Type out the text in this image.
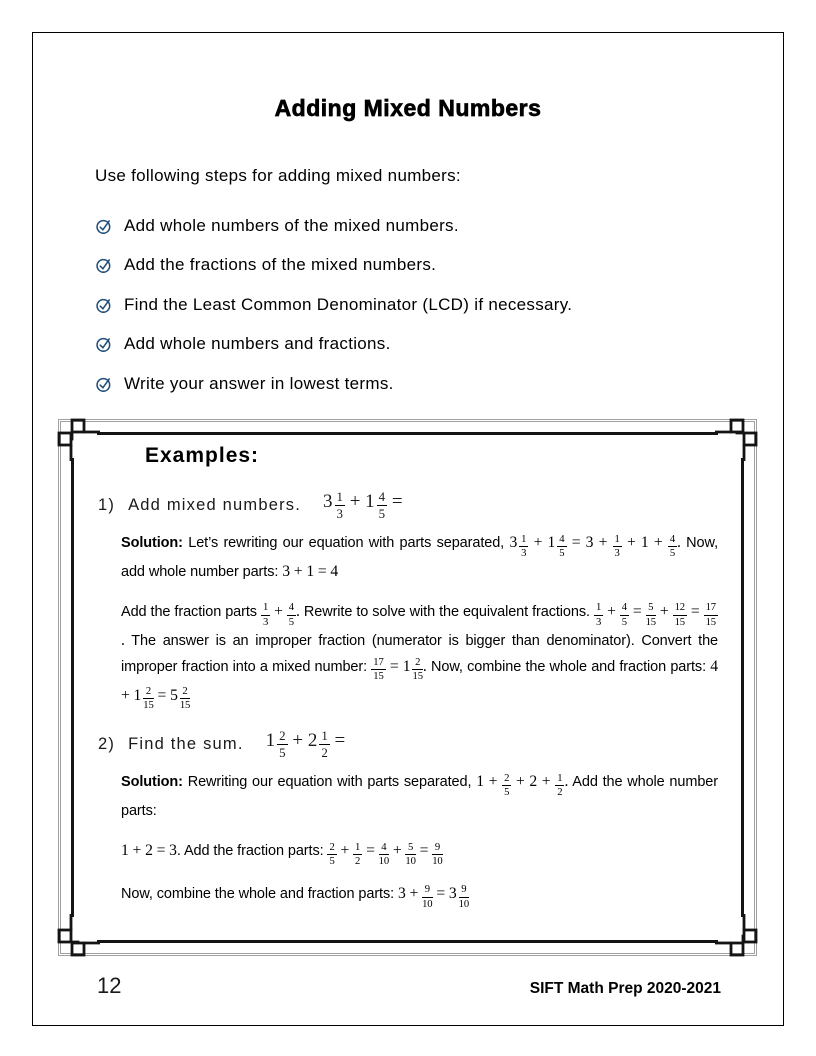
Adding Mixed Numbers

Use following steps for adding mixed numbers:

Add whole numbers of the mixed numbers.
Add the fractions of the mixed numbers.
Find the Least Common Denominator (LCD) if necessary.
Add whole numbers and fractions.
Write your answer in lowest terms.
Examples:
1) Add mixed numbers. $3 \frac{1}{3} + 1 \frac{4}{5}$ =

Solution: Let’s rewriting our equation with parts separated, $3 \frac{1}{3} + 1 \frac{4}{5} = 3 + \frac{1}{3} + 1 + \frac{4}{5}$ . Now, add whole number parts: 3 + 1 = 4

Add the fraction parts $\frac{1}{3} + \frac{4}{5}$ . Rewrite to solve with the equivalent fractions. $\frac{1}{3} + \frac{4}{5} = \frac{5}{15} + \frac{12}{15} = \frac{17}{15}$
. The answer is an improper fraction (numerator is bigger than denominator). Convert the improper fraction into a mixed number: $\frac{17}{15} = 1 \frac{2}{15}$ . Now, combine the whole and fraction parts: $4 + 1 \frac{2}{15} = 5 \frac{2}{15}$

2) Find the sum. $1 \frac{2}{5} + 2 \frac{1}{2}$ =

Solution: Rewriting our equation with parts separated, $1 + \frac{2}{5} + 2 + \frac{1}{2}$ . Add the whole number parts:

1 + 2 = 3. Add the fraction parts: $\frac{2}{5} + \frac{1}{2} = \frac{4}{10} + \frac{5}{10} = \frac{9}{10}$

Now, combine the whole and fraction parts: $3 + \frac{9}{10} = 3 \frac{9}{10}$

12	SIFT Math Prep 2020-2021
